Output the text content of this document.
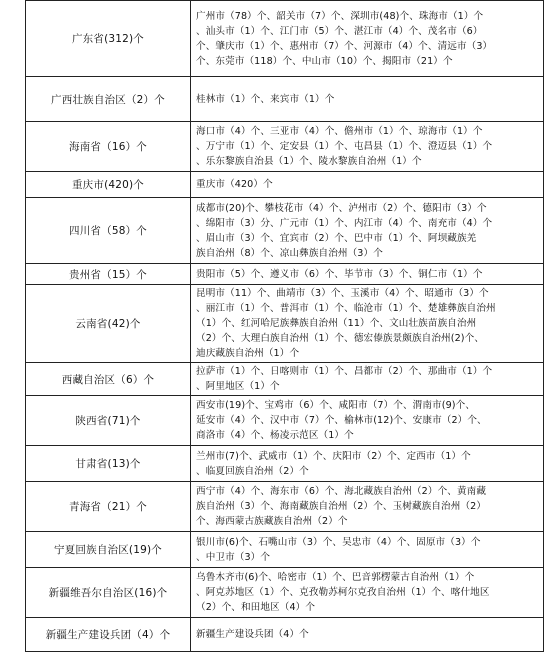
广东省(312)个	广州市（78）个、韶关市（7）个、深圳市(48)个、珠海市（1）个
、汕头市（1）个、江门市（5）个、湛江市（4）个、茂名市（6）
个、肇庆市（1）个、惠州市（7）个、河源市（4）个、清远市（3）
个、东莞市（118）个、中山市（10）个、揭阳市（21）个

广西壮族自治区（2）个	桂林市（1）个、来宾市（1）个

海南省（16）个	海口市（4）个、三亚市（4）个、儋州市（1）个、琼海市（1）个
、万宁市（1）个、定安县（1）个、屯昌县（1）个、澄迈县（1）个
、乐东黎族自治县（1）个、陵水黎族自治州（1）个

重庆市(420)个	重庆市（420）个

四川省（58）个	成都市(20)个、攀枝花市（4）个、泸州市（2）个、德阳市（3）个
、绵阳市（3）分、广元市（1）个、内江市（4）个、南充市（4）个
、眉山市（3）个、宜宾市（2）个、巴中市（1）个、阿坝藏族羌
族自治州（8）个、凉山彝族自治州（3）个

贵州省（15）个	贵阳市（5）个、遵义市（6）个、毕节市（3）个、铜仁市（1）个

云南省(42)个	昆明市（11）个、曲靖市（3）个、玉溪市（4）个、昭通市（3）个
、丽江市（1）个、普洱市（1）个、临沧市（1）个、楚雄彝族自治州
（1）个、红河哈尼族彝族自治州（11）个、文山壮族苗族自治州
（2）个、大理白族自治州（1）个、德宏傣族景颇族自治州(2)个、
迪庆藏族自治州（1）个

西藏自治区（6）个	拉萨市（1）个、日喀则市（1）个、昌都市（2）个、那曲市（1）个
、阿里地区（1）个

陕西省(71)个	西安市(19)个、宝鸡市（6）个、咸阳市（7）个、渭南市(9)个、
延安市（4）个、汉中市（7）个、榆林市(12)个、安康市（2）个、
商洛市（4）个、杨凌示范区（1）个

甘肃省(13)个	兰州市(7)个、武威市（1）个、庆阳市（2）个、定西市（1）个
、临夏回族自治州（2）个

青海省（21）个	西宁市（4）个、海东市（6）个、海北藏族自治州（2）个、黄南藏
族自治州（3）个、海南藏族自治州（2）个、玉树藏族自治州（2）
个、海西蒙古族藏族自治州（2）个

宁夏回族自治区(19)个	银川市(6)个、石嘴山市（3）个、吴忠市（4）个、固原市（3）个
、中卫市（3）个

新疆维吾尔自治区(16)个	乌鲁木齐市(6)个、哈密市（1）个、巴音郭楞蒙古自治州（1）个
、阿克苏地区（1）个、克孜勒苏柯尔克孜自治州（1）个、喀什地区
（2）个、和田地区（4）个

新疆生产建设兵团（4）个	新疆生产建设兵团（4）个
